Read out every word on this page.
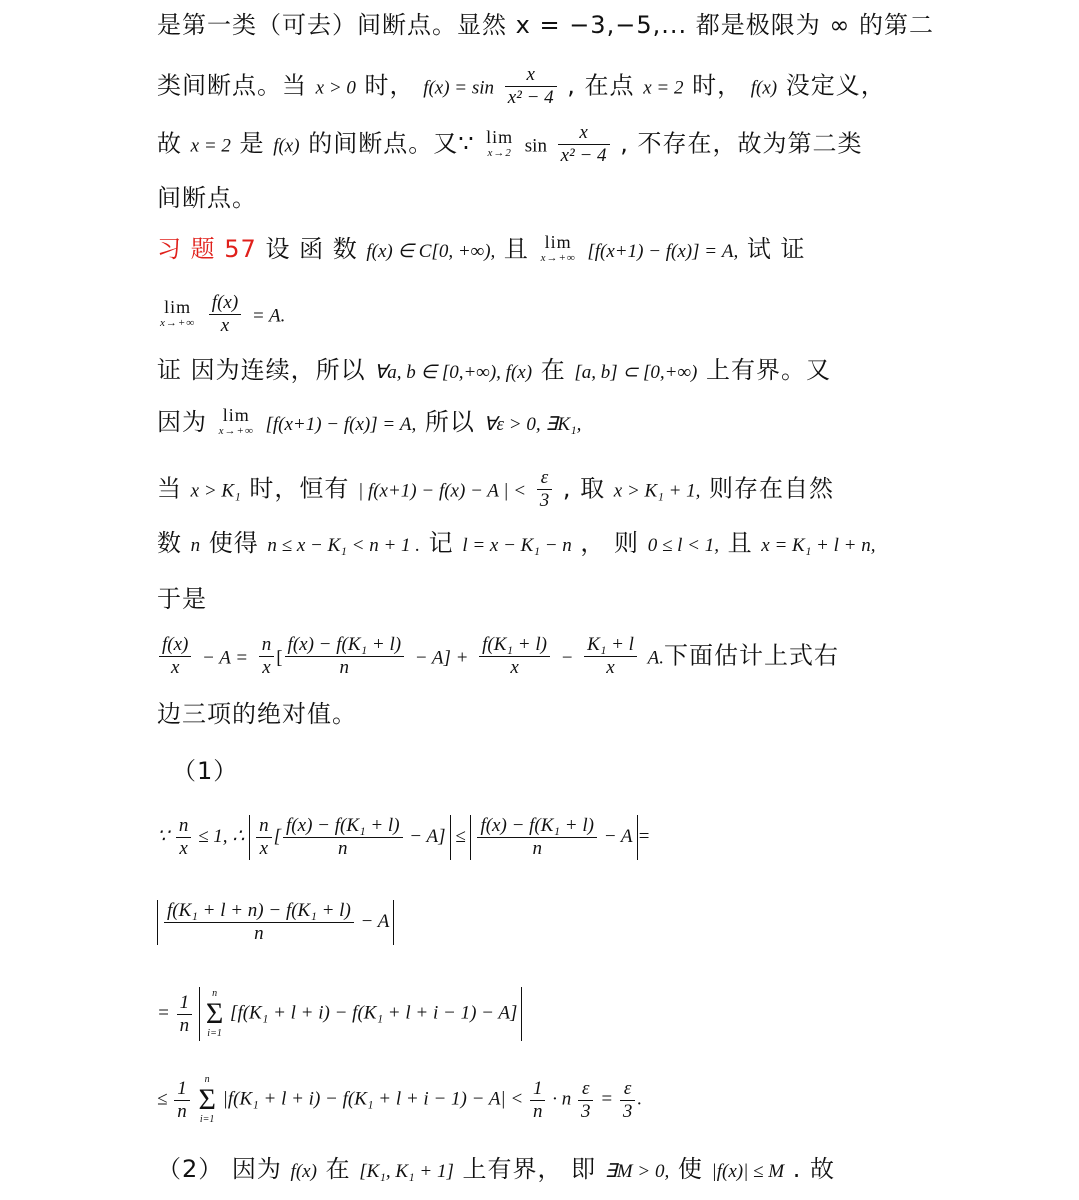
是第一类（可去）间断点。显然 x = −3,−5,... 都是极限为 ∞ 的第二
类间断点。当 x > 0 时， $f(x) = \sin \frac{x}{\text{x² − 4}}$ , 在点 x = 2 时， f(x) 没定义，
故 x = 2 是 f(x) 的间断点。又∵ lim
x→2 $\sin \frac{x}{\text{x² − 4}}$ , 不存在，故为第二类
间断点。
习 题 57 设 函 数 f(x) ∈ C[0, +∞), 且 lim
x→+∞ [f(x+1) − f(x)] = A, 试 证
lim
x→+∞
$\frac{f(x)}{x} = A$.
证 因为连续，所以 ∀a, b ∈ [0,+∞), f(x) 在 [a, b] ⊂ [0,+∞) 上有界。又
因为 lim
x→+∞ [f(x+1) − f(x)] = A, 所以 ∀ε > 0, ∃K₁,
当 x > K₁ 时，恒有 | f(x+1) − f(x) − A | < $\frac{\varepsilon}{3}$ , 取 x > K₁ + 1, 则存在自然
数 n 使得 n ≤ x − K₁ < n + 1 . 记 l = x − K₁ − n ， 则 0 ≤ l < 1, 且 x = K₁ + l + n,
于是
$\frac{f(x)}{x} - A = \frac{n}{x}$ [ $\frac{\text{f(x) − f(K₁ + l)}}{n} - A] + \frac{\text{f(K₁ + l)}}{x} - \frac{\text{K₁ + l}}{x} A$.下面估计上式右
边三项的绝对值。
（1）
∵ $\frac{n}{x} \le 1$, ∴ $\frac{n}{x}$ [ $\frac{\text{f(x) − f(K₁ + l)}}{n} - A] \le \frac{\text{f(x) − f(K₁ + l)}}{n} - A$ =
$\frac{\text{f(K₁ + l + n) − f(K₁ + l)}}{n} - A$
= $\frac{1}{n}$
	n
Σ
i=1
[f(K₁ + l + i) − f(K₁ + l + i − 1) − A]
≤ $\frac{1}{n}$
	n
Σ
i=1
$|f(K_1 + l + i) - f(K_1 + l + i - 1) - A| < \frac{1}{n} \cdot n \frac{\varepsilon}{3} = \frac{\varepsilon}{3}$ .
（2） 因为 f(x) 在 [K₁, K₁ + 1] 上有界， 即 ∃M > 0, 使 |f(x)| ≤ M . 故
